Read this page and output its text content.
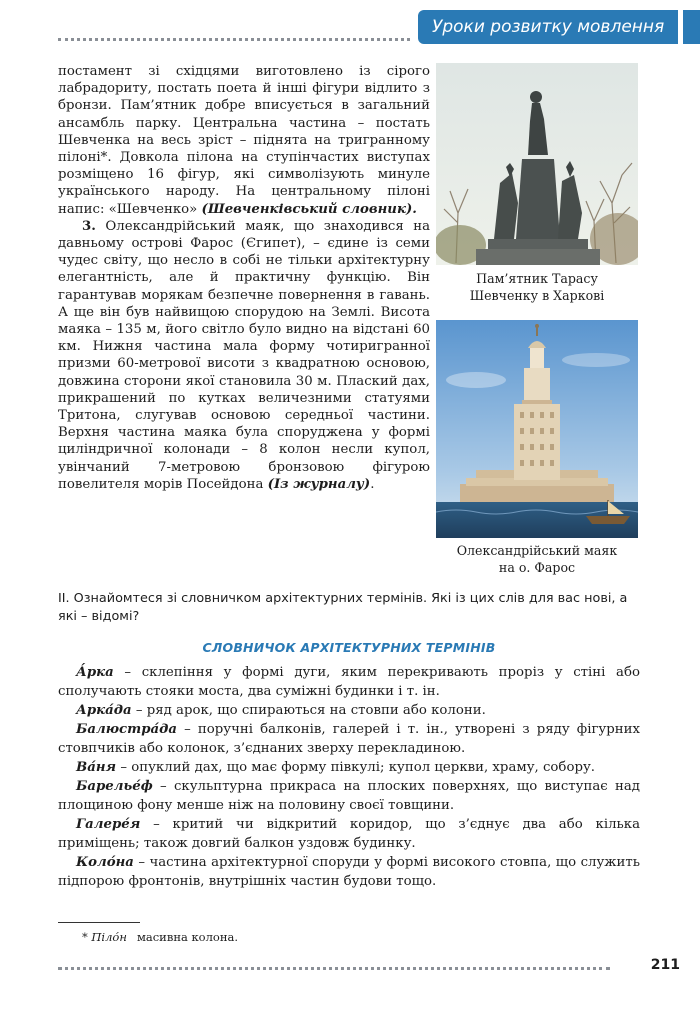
Уроки розвитку мовлення

постамент зі східцями виготовлено із сірого лабрадориту, постать поета й інші фігури відлито з бронзи. Пам’ятник добре вписується в загальний ансамбль парку. Центральна частина – постать Шевченка на весь зріст – піднята на тригранному пілоні*. Довкола пілона на ступінчастих виступах розміщено 16 фігур, які символізують минуле українського народу. На центральному пілоні напис: «Шевченко» (Шевченківський словник).

3. Олександрійський маяк, що знаходився на давньому острові Фарос (Єгипет), – єдине із семи чудес світу, що несло в собі не тільки архітектурну елегантність, але й практичну функцію. Він гарантував морякам безпечне повернення в гавань. А ще він був найвищою спорудою на Землі. Висота маяка – 135 м, його світло було видно на відстані 60 км. Нижня частина мала форму чотиригранної призми 60-метрової висоти з квадратною основою, довжина сторони якої становила 30 м. Плаский дах, прикрашений по кутках величезними статуями Тритона, слугував основою середньої частини. Верхня частина маяка була споруджена у формі циліндричної колонади – 8 колон несли купол, увінчаний 7-метровою бронзовою фігурою повелителя морів Посейдона (Із журналу).

Пам’ятник Тарасу
Шевченку в Харкові
Олександрійський маяк
на о. Фарос
ІІ. Ознайомтеся зі словничком архітектурних термінів. Які із цих слів для вас нові, а які – відомі?
СЛОВНИЧОК АРХІТЕКТУРНИХ ТЕРМІНІВ

А́рка – склепіння у формі дуги, яким перекривають проріз у стіні або сполучають стояки моста, два суміжні будинки і т. ін.

Арка́да – ряд арок, що спираються на стовпи або колони.

Балюстра́да – поручні балконів, галерей і т. ін., утворені з ряду фігурних стовпчиків або колонок, з’єднаних зверху перекладиною.

Ва́ня – опуклий дах, що має форму півкулі; купол церкви, храму, собору.

Барелье́ф – скульптурна прикраса на плоских поверхнях, що виступає над площиною фону менше ніж на половину своєї товщини.

Галере́я – критий чи відкритий коридор, що з’єднує два або кілька приміщень; також довгий балкон уздовж будинку.

Коло́на – частина архітектурної споруди у формі високого стовпа, що служить підпорою фронтонів, внутрішніх частин будови тощо.

* Піло́н масивна колона.
211
